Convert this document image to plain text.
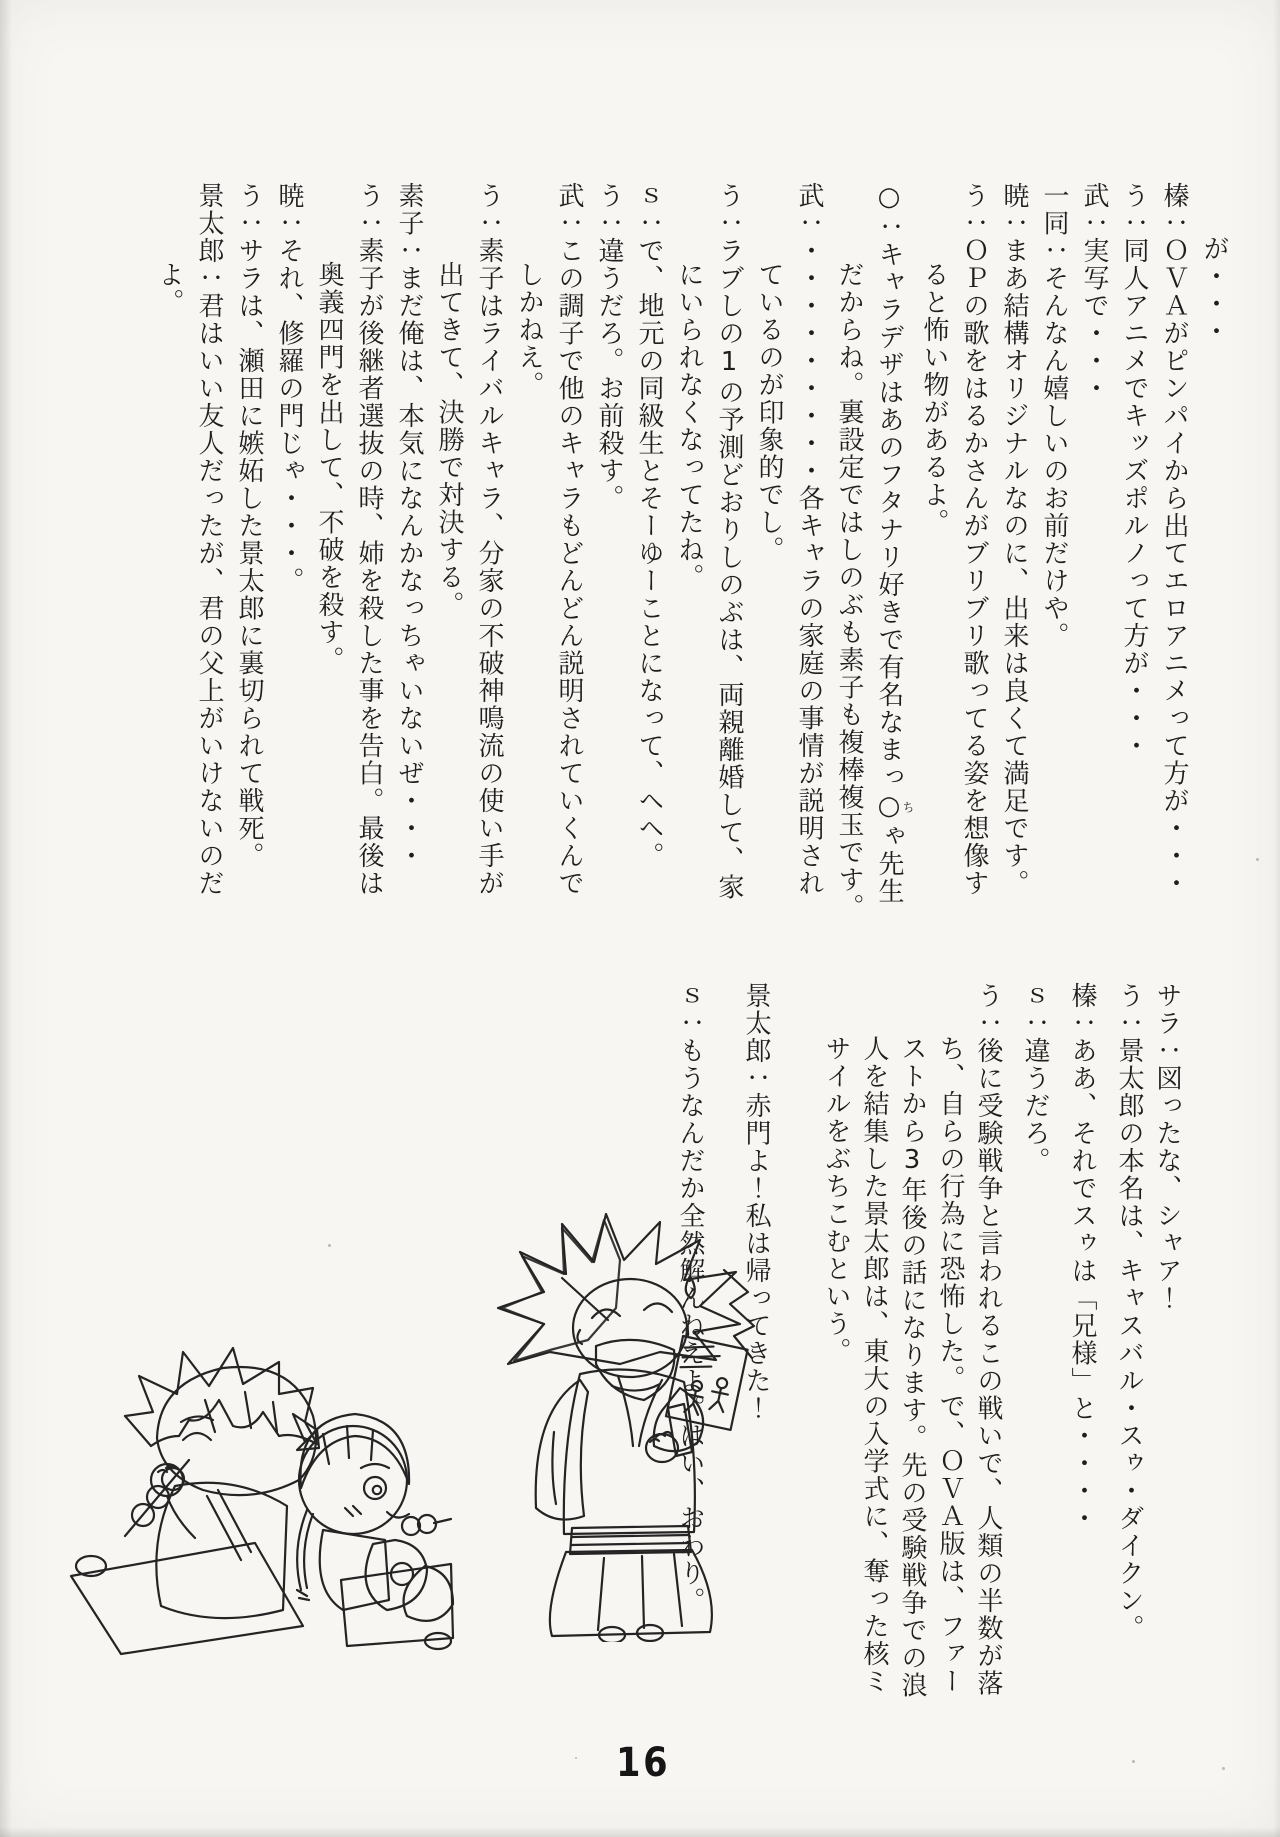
が・・・

榛：ＯＶＡがピンパイから出てエロアニメって方が・・・

う：同人アニメでキッズポルノって方が・・・

武：実写で・・・

一同：そんなん嬉しいのお前だけや。

暁：まあ結構オリジナルなのに、出来は良くて満足です。

う：ＯＰの歌をはるかさんがブリブリ歌ってる姿を想像す

ると怖い物があるよ。

○：キャラデザはあのフタナリ好きで有名なまっ○ちゃ先生

だからね。裏設定ではしのぶも素子も複棒複玉です。

武：・・・・・・・・・各キャラの家庭の事情が説明され

ているのが印象的でし。

う：ラブしの1の予測どおりしのぶは、両親離婚して、家

にいられなくなってたね。

ｓ：で、地元の同級生とそーゆーことになって、ヘヘ。

う：違うだろ。お前殺す。

武：この調子で他のキャラもどんどん説明されていくんで

しかねえ。

う：素子はライバルキャラ、分家の不破神鳴流の使い手が

出てきて、決勝で対決する。

素子：まだ俺は、本気になんかなっちゃいないぜ・・・

う：素子が後継者選抜の時、姉を殺した事を告白。最後は

奥義四門を出して、不破を殺す。

暁：それ、修羅の門じゃ・・・。

う：サラは、瀬田に嫉妬した景太郎に裏切られて戦死。

景太郎：君はいい友人だったが、君の父上がいけないのだ

よ。

サラ：図ったな、シャア！

う：景太郎の本名は、キャスバル・スゥ・ダイクン。

榛：ああ、それでスゥは「兄様」と・・・・

ｓ：違うだろ。

う：後に受験戦争と言われるこの戦いで、人類の半数が落

ち、自らの行為に恐怖した。で、ＯＶＡ版は、ファー

ストから3年後の話になります。先の受験戦争での浪

人を結集した景太郎は、東大の入学式に、奪った核ミ

サイルをぶちこむという。

景太郎：赤門よ！私は帰ってきた！

ｓ：もうなんだか全然解んねえよ。はい、おわり。

16
